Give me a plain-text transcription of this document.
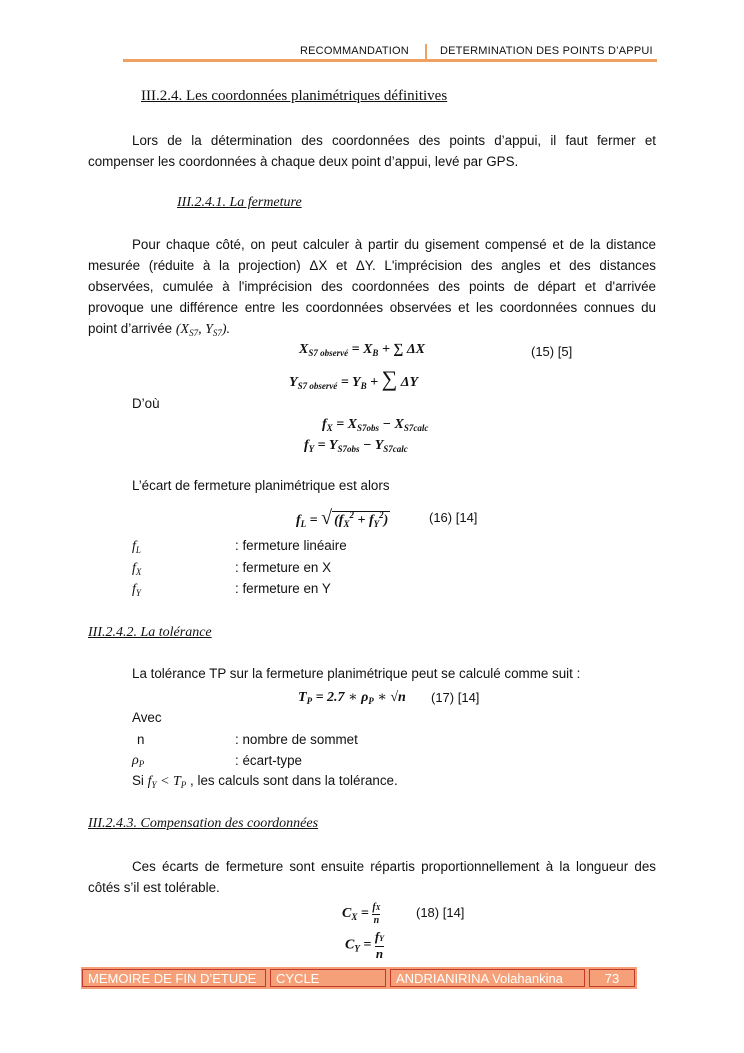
RECOMMANDATION	DETERMINATION DES POINTS D’APPUI
III.2.4. Les coordonnées planimétriques définitives
Lors de la détermination des coordonnées des points d’appui, il faut fermer et compenser les coordonnées à chaque deux point d’appui, levé par GPS.
III.2.4.1. La fermeture
Pour chaque côté, on peut calculer à partir du gisement compensé et de la distance mesurée (réduite à la projection) ΔX et ΔY. L'imprécision des angles et des distances observées, cumulée à l'imprécision des coordonnées des points de départ et d'arrivée provoque une différence entre les coordonnées observées et les coordonnées connues du point d’arrivée ($X_{S7}$, $Y_{S7}$).
$X_{S7 observé} = X_B$ + ∑ ΔX	(15) [5]
$Y_{S7 observé} = Y_B$ + ∑ ΔY
D’où
$f_X = X_{S7obs} - X_{S7calc}$
$f_Y = Y_{S7obs} - Y_{S7calc}$
L’écart de fermeture planimétrique est alors
$f_L$ = √ $(f_X^2 + f_Y^2)$	(16) [14]
$f_L$	: fermeture linéaire
$f_X$	: fermeture en X
$f_Y$	: fermeture en Y
III.2.4.2. La tolérance
La tolérance TP sur la fermeture planimétrique peut se calculé comme suit :
$T_P = 2.7$ ∗ $\rho_P$ ∗ √n (17) [14]
Avec
n	: nombre de sommet
$\rho_P$	: écart-type
Si $f_Y < T_P$ , les calculs sont dans la tolérance.
III.2.4.3. Compensation des coordonnées
Ces écarts de fermeture sont ensuite répartis proportionnellement à la longueur des côtés s’il est tolérable.
$C_X = \frac{fX}{n}$	(18) [14]
$C_Y = \frac{fY}{n}$
MEMOIRE DE FIN D’ETUDE	CYCLE INGENIEUR
ANDRIANIRINA Volahankina	73
